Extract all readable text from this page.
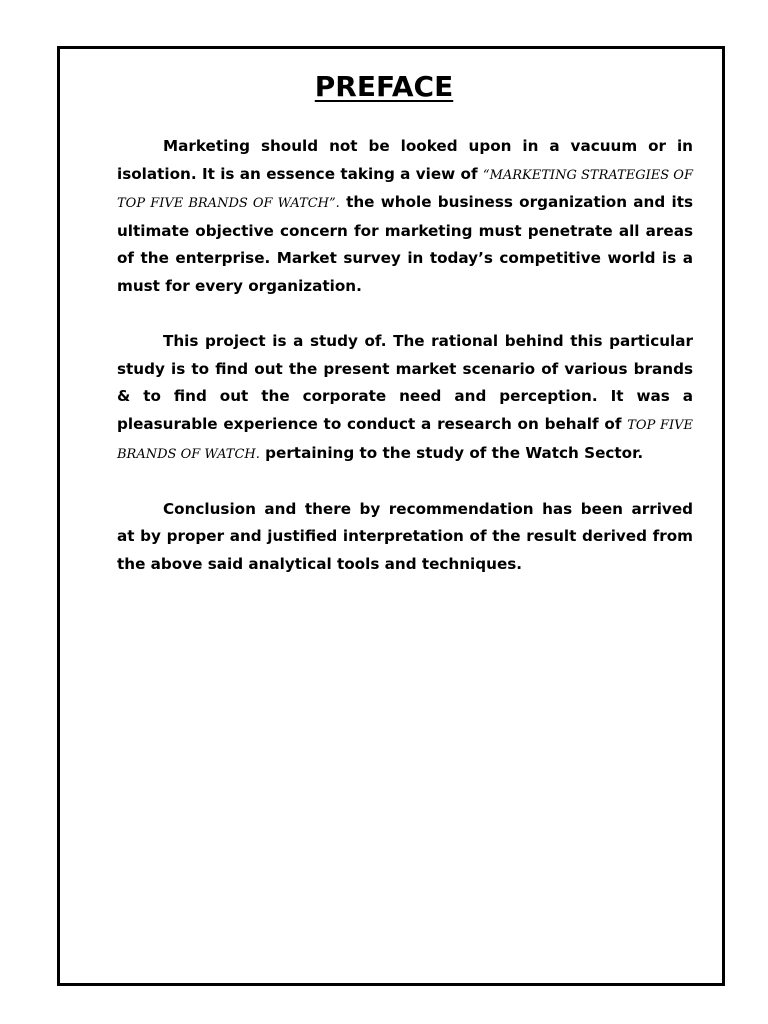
PREFACE

Marketing should not be looked upon in a vacuum or in isolation. It is an essence taking a view of “MARKETING STRATEGIES OF TOP FIVE BRANDS OF WATCH”. the whole business organization and its ultimate objective concern for marketing must penetrate all areas of the enterprise. Market survey in today’s competitive world is a must for every organization.

This project is a study of. The rational behind this particular study is to find out the present market scenario of various brands & to find out the corporate need and perception. It was a pleasurable experience to conduct a research on behalf of TOP FIVE BRANDS OF WATCH. pertaining to the study of the Watch Sector.

Conclusion and there by recommendation has been arrived at by proper and justified interpretation of the result derived from the above said analytical tools and techniques.
